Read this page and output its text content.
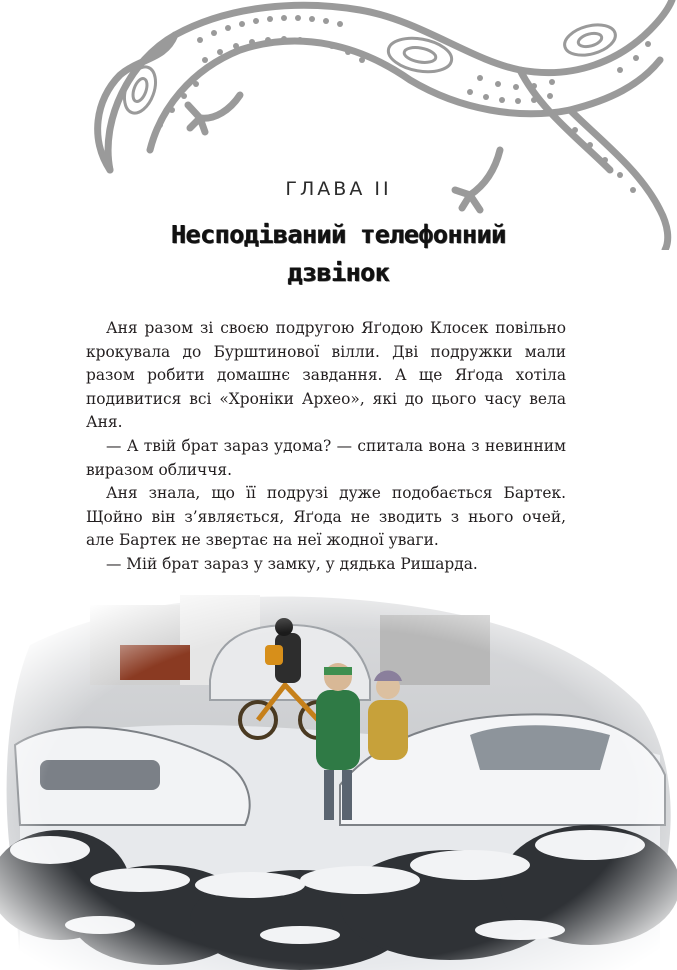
ГЛАВА II
Несподіваний телефонний
дзвінок

Аня разом зі своєю подругою Яґодою Клосек повільно крокувала до Бурштинової вілли. Дві подружки мали разом робити домашнє завдання. А ще Яґода хотіла подивитися всі «Хроніки Археo», які до цього часу вела Аня.

— А твій брат зараз удома? — спитала вона з невинним виразом обличчя.

Аня знала, що її подрузі дуже подобається Бартек. Щойно він з’являється, Яґода не зводить з нього очей, але Бартек не звертає на неї жодної уваги.

— Мій брат зараз у замку, у дядька Ришарда.
